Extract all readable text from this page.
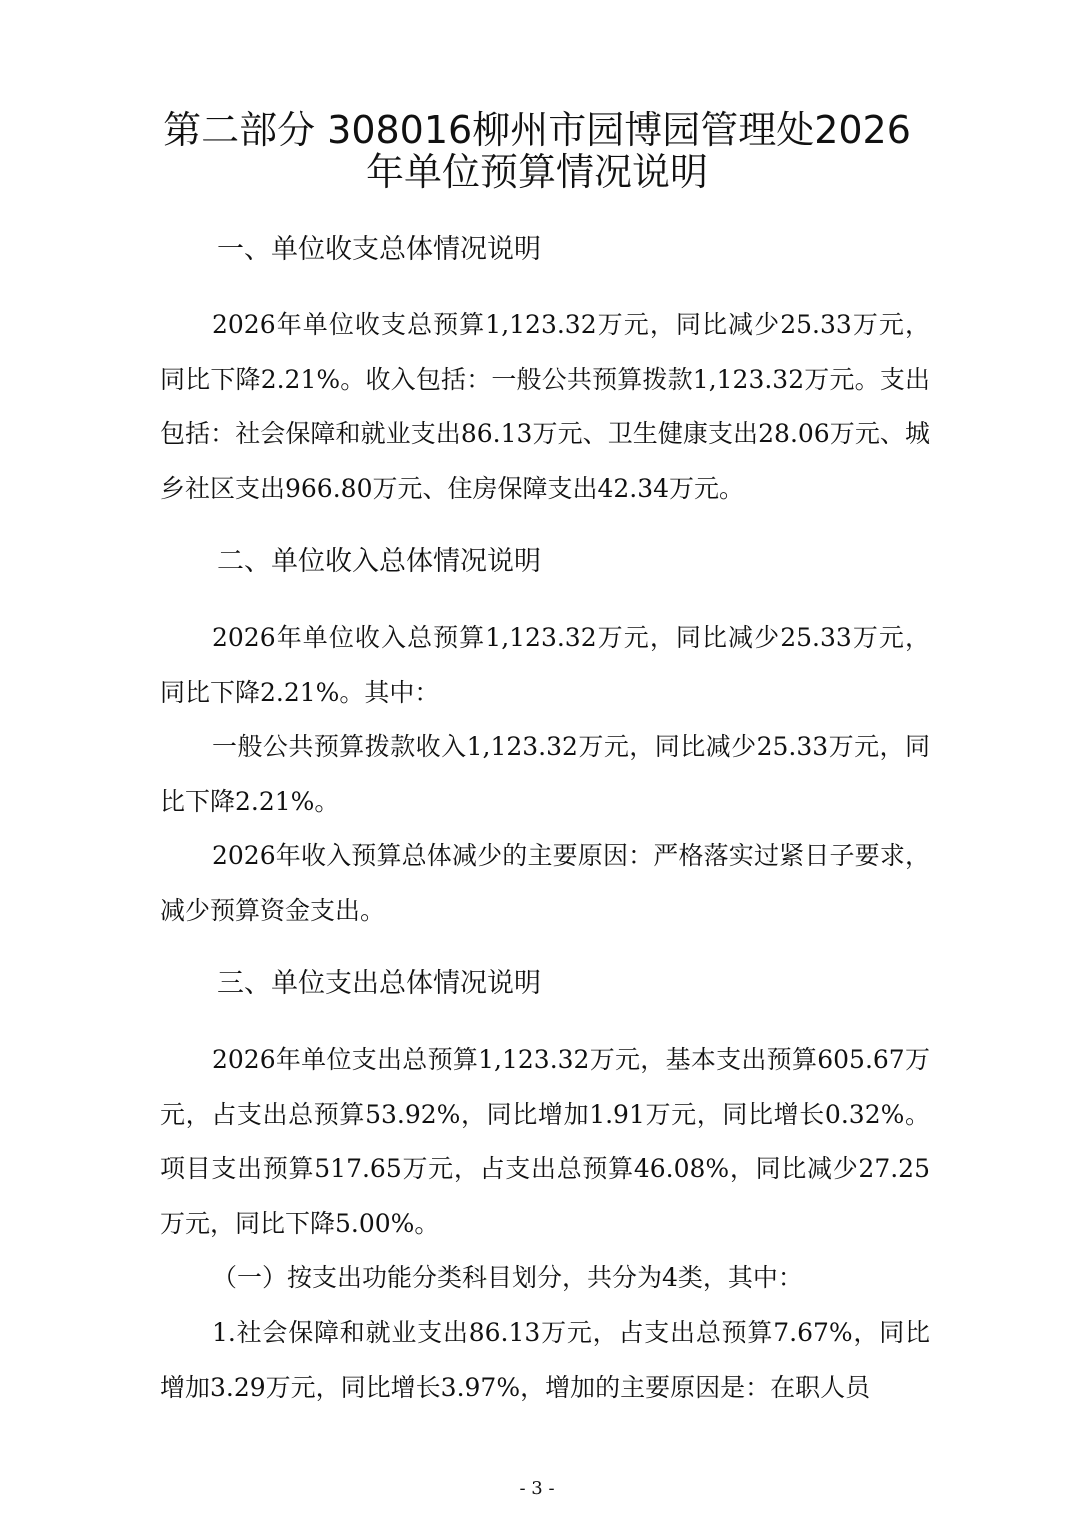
第二部分 308016柳州市园博园管理处2026
年单位预算情况说明
一、单位收支总体情况说明
2026年单位收支总预算1,123.32万元，同比减少25.33万元，同比下降2.21%。收入包括：一般公共预算拨款1,123.32万元。支出包括：社会保障和就业支出86.13万元、卫生健康支出28.06万元、城乡社区支出966.80万元、住房保障支出42.34万元。
二、单位收入总体情况说明
2026年单位收入总预算1,123.32万元，同比减少25.33万元，同比下降2.21%。其中：
一般公共预算拨款收入1,123.32万元，同比减少25.33万元，同比下降2.21%。
2026年收入预算总体减少的主要原因：严格落实过紧日子要求，减少预算资金支出。
三、单位支出总体情况说明
2026年单位支出总预算1,123.32万元，基本支出预算605.67万元，占支出总预算53.92%，同比增加1.91万元，同比增长0.32%。项目支出预算517.65万元，占支出总预算46.08%，同比减少27.25万元，同比下降5.00%。
（一）按支出功能分类科目划分，共分为4类，其中：
1.社会保障和就业支出86.13万元，占支出总预算7.67%，同比增加3.29万元，同比增长3.97%，增加的主要原因是：在职人员
- 3 -
